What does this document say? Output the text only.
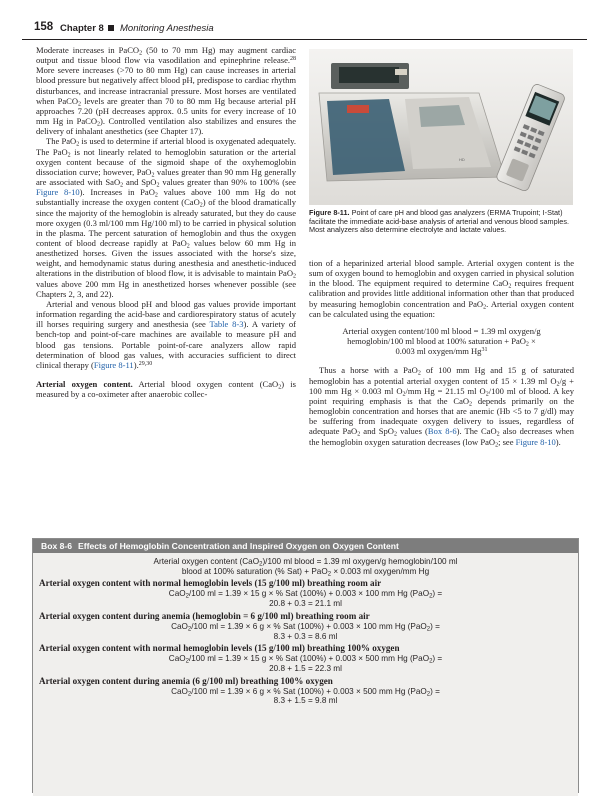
158 Chapter 8 Monitoring Anesthesia

Moderate increases in PaCO$_2$ (50 to 70 mm Hg) may augment cardiac output and tissue blood flow via vasodilation and epinephrine release.$^{28}$ More severe increases (>70 to 80 mm Hg) can cause increases in arterial blood pressure but negatively affect blood pH, predispose to cardiac rhythm disturbances, and increase intracranial pressure. Most horses are ventilated when PaCO$_2$ levels are greater than 70 to 80 mm Hg because arterial pH approaches 7.20 (pH decreases approx. 0.5 units for every increase of 10 mm Hg in PaCO$_2$). Controlled ventilation also stabilizes and ensures the delivery of inhalant anesthetics (see Chapter 17).

The PaO$_2$ is used to determine if arterial blood is oxygenated adequately. The PaO$_2$ is not linearly related to hemoglobin saturation or the arterial oxygen content because of the sigmoid shape of the oxyhemoglobin dissociation curve; however, PaO$_2$ values greater than 90 mm Hg generally are associated with SaO$_2$ and SpO$_2$ values greater than 90% to 100% (see Figure 8-10). Increases in PaO$_2$ values above 100 mm Hg do not substantially increase the oxygen content (CaO$_2$) of the blood dramatically since the majority of the hemoglobin is already saturated, but they do cause more oxygen (0.3 ml/100 mm Hg/100 ml) to be carried in physical solution in the plasma. The percent saturation of hemoglobin and thus the oxygen content of blood decrease rapidly at PaO$_2$ values below 60 mm Hg in anesthetized horses. Given the issues associated with the horse's size, weight, and hemodynamic status during anesthesia and anesthetic-induced alterations in the distribution of blood flow, it is advisable to maintain PaO$_2$ values above 200 mm Hg in anesthetized horses whenever possible (see Chapters 2, 3, and 22).

Arterial and venous blood pH and blood gas values provide important information regarding the acid-base and cardiorespiratory status of acutely ill horses requiring surgery and anesthesia (see Table 8-3). A variety of bench-top and point-of-care machines are available to measure pH and blood gas tensions. Portable point-of-care analyzers allow rapid determination of blood gas values, with accuracies sufficient to direct clinical therapy (Figure 8-11).$^{29,30}$

Arterial oxygen content. Arterial blood oxygen content (CaO$_2$) is measured by a co-oximeter after anaerobic collec-

HD
Figure 8-11. Point of care pH and blood gas analyzers (ERMA Trupoint; I-Stat) facilitate the immediate acid-base analysis of arterial and venous blood samples. Most analyzers also determine electrolyte and lactate values.

tion of a heparinized arterial blood sample. Arterial oxygen content is the sum of oxygen bound to hemoglobin and oxygen carried in physical solution in the blood. The equipment required to determine CaO$_2$ requires frequent calibration and provides little additional information other than that produced by measuring hemoglobin concentration and PaO$_2$. Arterial oxygen content can be calculated using the equation:

Arterial oxygen content/100 ml blood = 1.39 ml oxygen/g
hemoglobin/100 ml blood at 100% saturation + PaO$_2$ ×
0.003 ml oxygen/mm Hg$^{31}$

Thus a horse with a PaO$_2$ of 100 mm Hg and 15 g of saturated hemoglobin has a potential arterial oxygen content of 15 × 1.39 ml $O_2/g + 100$ mm Hg × 0.003 ml $O_2/mm$ Hg = 21.15 ml $O_2/100$ ml of blood. A key point requiring emphasis is that the CaO$_2$ depends primarily on the hemoglobin concentration and horses that are anemic (Hb <5 to 7 g/dl) may be suffering from inadequate oxygen delivery to issues, regardless of adequate PaO$_2$ and SpO$_2$ values (Box 8-6). The CaO$_2$ also decreases when the hemoglobin oxygen saturation decreases (low PaO$_2$; see Figure 8-10).

Box 8-6 Effects of Hemoglobin Concentration and Inspired Oxygen on Oxygen Content
Arterial oxygen content (CaO$_2$)/100 ml blood = 1.39 ml oxygen/g hemoglobin/100 ml
blood at 100% saturation (% Sat) + PaO$_2$ × 0.003 ml oxygen/mm Hg
Arterial oxygen content with normal hemoglobin levels (15 g/100 ml) breathing room air
CaO$_2$/100 ml = 1.39 × 15 g × % Sat (100%) + 0.003 × 100 mm Hg (PaO$_2$) =
20.8 + 0.3 = 21.1 ml
Arterial oxygen content during anemia (hemoglobin = 6 g/100 ml) breathing room air
CaO$_2$/100 ml = 1.39 × 6 g × % Sat (100%) + 0.003 × 100 mm Hg (PaO$_2$) =
8.3 + 0.3 = 8.6 ml
Arterial oxygen content with normal hemoglobin levels (15 g/100 ml) breathing 100% oxygen
CaO$_2$/100 ml = 1.39 × 15 g × % Sat (100%) + 0.003 × 500 mm Hg (PaO$_2$) =
20.8 + 1.5 = 22.3 ml
Arterial oxygen content during anemia (6 g/100 ml) breathing 100% oxygen
CaO$_2$/100 ml = 1.39 × 6 g × % Sat (100%) + 0.003 × 500 mm Hg (PaO$_2$) =
8.3 + 1.5 = 9.8 ml
